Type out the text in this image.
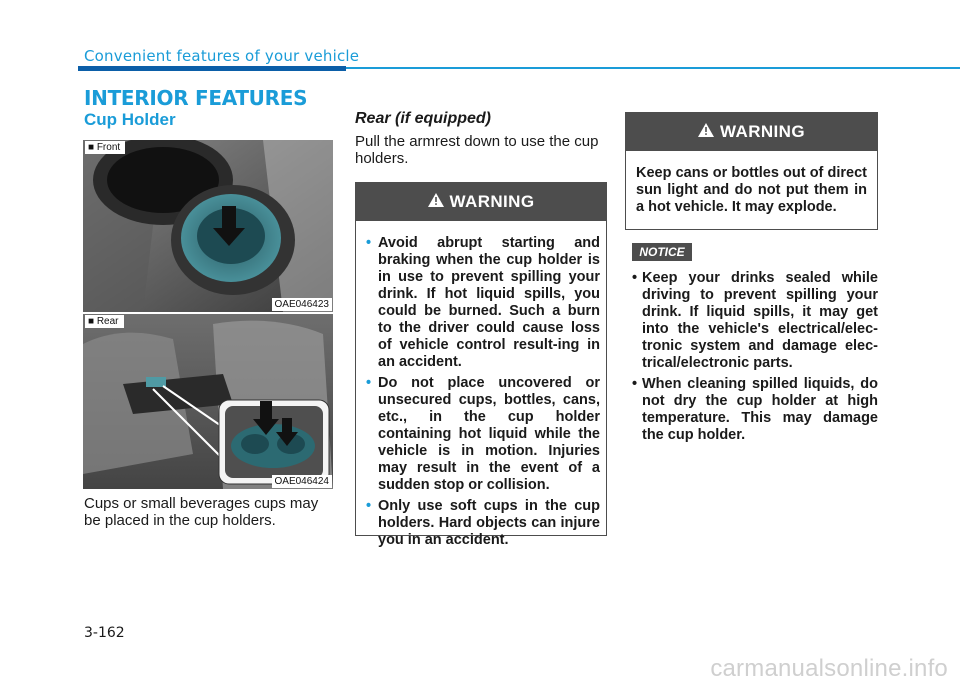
Convenient features of your vehicle
INTERIOR FEATURES
Cup Holder
■ Front
OAE046423
■ Rear
OAE046424
Cups or small beverages cups may be placed in the cup holders.
Rear (if equipped)
Pull the armrest down to use the cup holders.
WARNING
• Avoid abrupt starting and braking when the cup holder is in use to prevent spilling your drink. If hot liquid spills, you could be burned. Such a burn to the driver could cause loss of vehicle control result-ing in an accident.
• Do not place uncovered or unsecured cups, bottles, cans, etc., in the cup holder containing hot liquid while the vehicle is in motion. Injuries may result in the event of a sudden stop or collision.
• Only use soft cups in the cup holders. Hard objects can injure you in an accident.
WARNING

Keep cans or bottles out of direct sun light and do not put them in a hot vehicle. It may explode.

NOTICE
• Keep your drinks sealed while driving to prevent spilling your drink. If liquid spills, it may get into the vehicle's electrical/elec-tronic system and damage elec-trical/electronic parts.
• When cleaning spilled liquids, do not dry the cup holder at high temperature. This may damage the cup holder.
3-162
carmanualsonline.info
